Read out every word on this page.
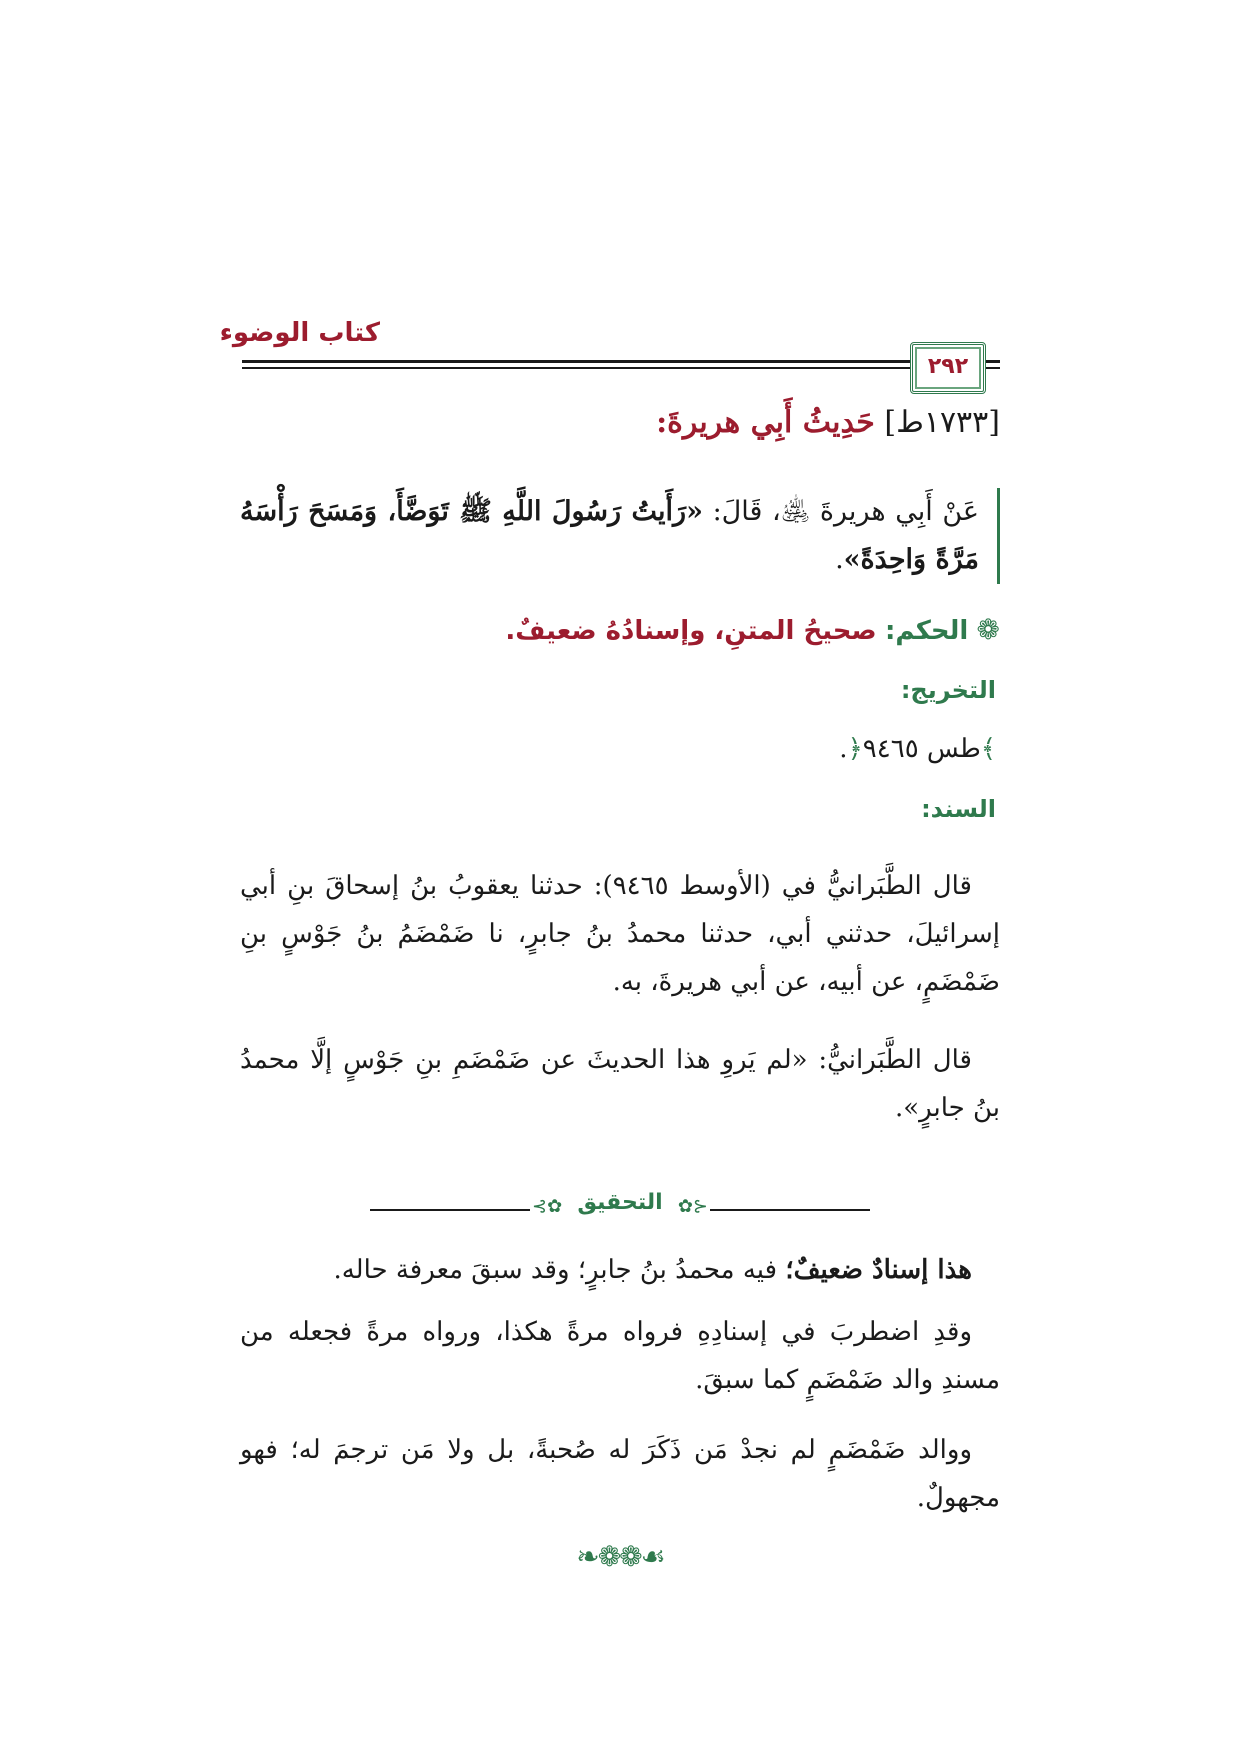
كتاب الوضوء
٢٩٢
[١٧٣٣ط] حَدِيثُ أَبِي هريرةَ:
عَنْ أَبِي هريرةَ ﵁، قَالَ: «رَأَيتُ رَسُولَ اللَّهِ ﷺ تَوَضَّأَ، وَمَسَحَ رَأْسَهُ مَرَّةً وَاحِدَةً».
❁ الحكم: صحيحُ المتنِ، وإسنادُهُ ضعيفٌ.
التخريج:
﴾طس ٩٤٦٥﴿.
السند:
قال الطَّبَرانيُّ في (الأوسط ٩٤٦٥): حدثنا يعقوبُ بنُ إسحاقَ بنِ أبي إسرائيلَ، حدثني أبي، حدثنا محمدُ بنُ جابرٍ، نا ضَمْضَمُ بنُ جَوْسٍ بنِ ضَمْضَمٍ، عن أبيه، عن أبي هريرةَ، به.
قال الطَّبَرانيُّ: «لم يَروِ هذا الحديثَ عن ضَمْضَمِ بنِ جَوْسٍ إلَّا محمدُ بنُ جابرٍ».
⊰✿ التحقيق ✿⊱
هذا إسنادٌ ضعيفٌ؛ فيه محمدُ بنُ جابرٍ؛ وقد سبقَ معرفة حاله.
وقدِ اضطربَ في إسنادِهِ فرواه مرةً هكذا، ورواه مرةً فجعله من مسندِ والد ضَمْضَمٍ كما سبقَ.
ووالد ضَمْضَمٍ لم نجدْ مَن ذَكَرَ له صُحبةً، بل ولا مَن ترجمَ له؛ فهو مجهولٌ.
❧❁❁☙
